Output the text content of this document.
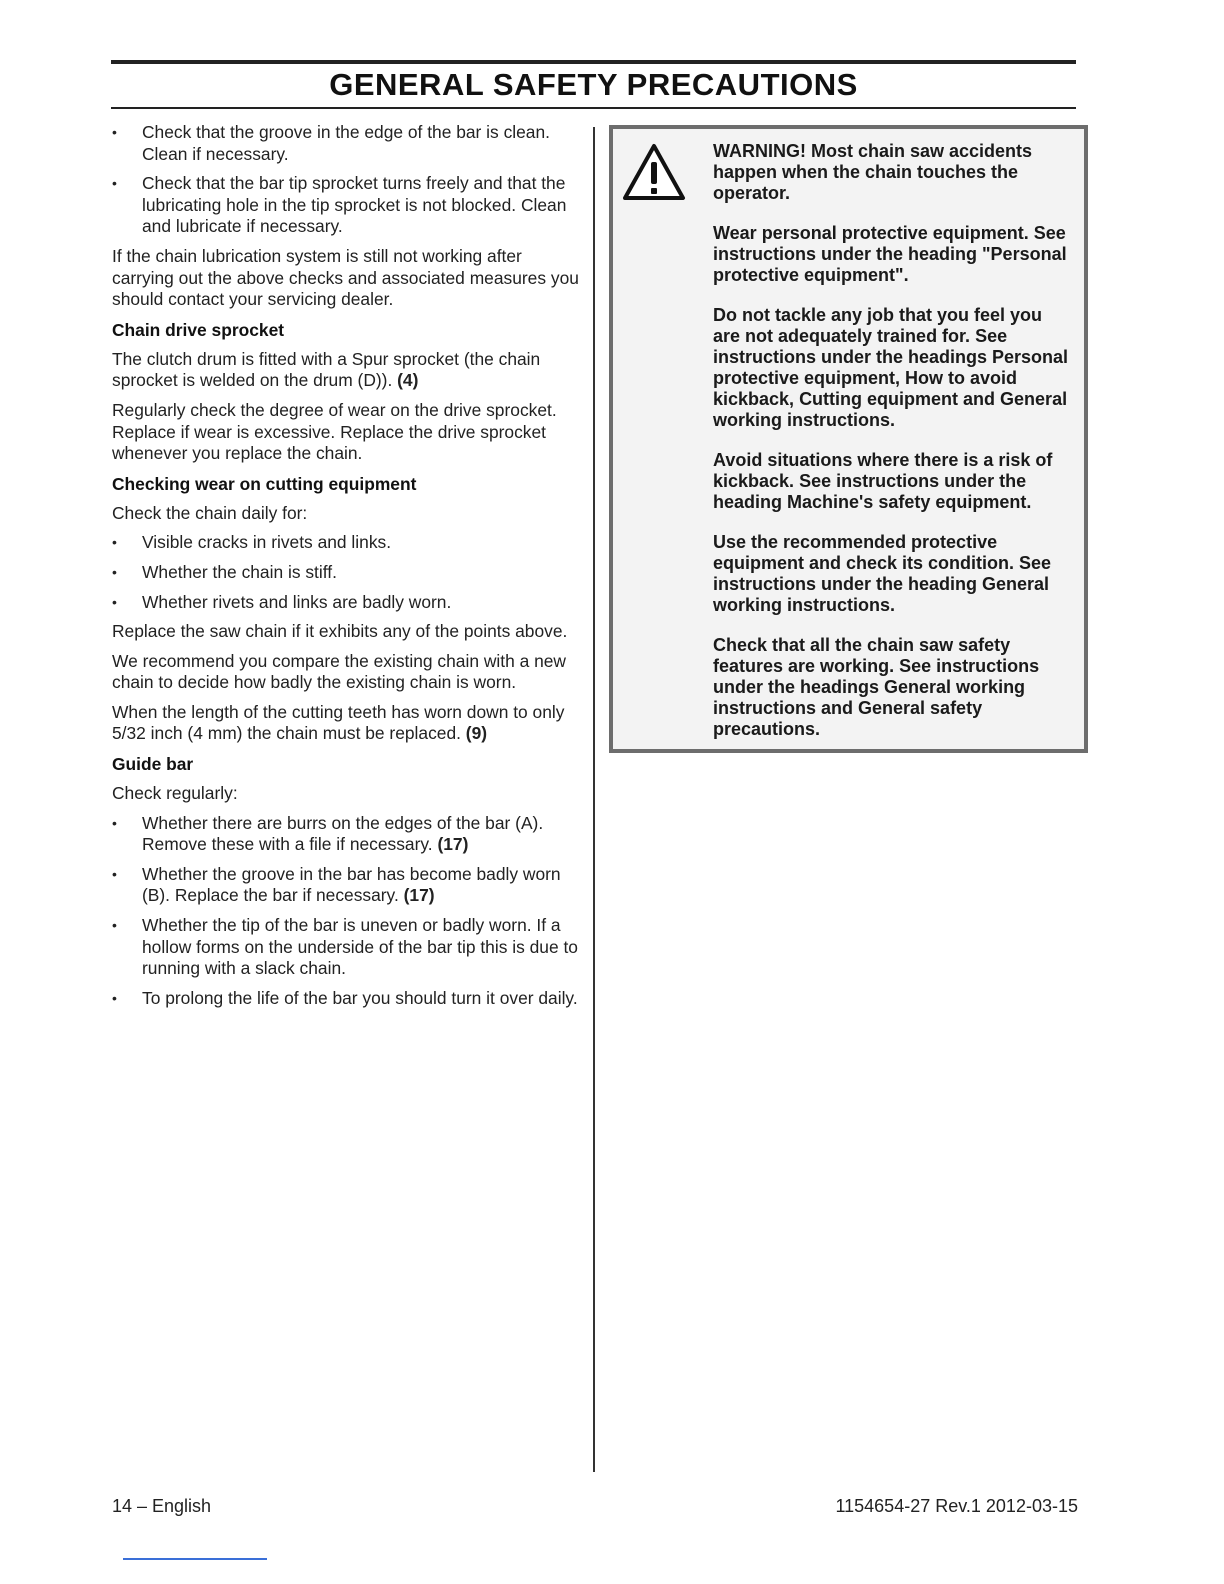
GENERAL SAFETY PRECAUTIONS
• Check that the groove in the edge of the bar is clean. Clean if necessary.
• Check that the bar tip sprocket turns freely and that the lubricating hole in the tip sprocket is not blocked. Clean and lubricate if necessary.

If the chain lubrication system is still not working after carrying out the above checks and associated measures you should contact your servicing dealer.

Chain drive sprocket

The clutch drum is fitted with a Spur sprocket (the chain sprocket is welded on the drum (D)). (4)

Regularly check the degree of wear on the drive sprocket. Replace if wear is excessive. Replace the drive sprocket whenever you replace the chain.

Checking wear on cutting equipment

Check the chain daily for:

• Visible cracks in rivets and links.
• Whether the chain is stiff.
• Whether rivets and links are badly worn.

Replace the saw chain if it exhibits any of the points above.

We recommend you compare the existing chain with a new chain to decide how badly the existing chain is worn.

When the length of the cutting teeth has worn down to only 5/32 inch (4 mm) the chain must be replaced. (9)

Guide bar

Check regularly:

• Whether there are burrs on the edges of the bar (A). Remove these with a file if necessary. (17)
• Whether the groove in the bar has become badly worn (B). Replace the bar if necessary. (17)
• Whether the tip of the bar is uneven or badly worn. If a hollow forms on the underside of the bar tip this is due to running with a slack chain.
• To prolong the life of the bar you should turn it over daily.

WARNING! Most chain saw accidents happen when the chain touches the operator.

Wear personal protective equipment. See instructions under the heading "Personal protective equipment".

Do not tackle any job that you feel you are not adequately trained for. See instructions under the headings Personal protective equipment, How to avoid kickback, Cutting equipment and General working instructions.

Avoid situations where there is a risk of kickback. See instructions under the heading Machine's safety equipment.

Use the recommended protective equipment and check its condition. See instructions under the heading General working instructions.

Check that all the chain saw safety features are working. See instructions under the headings General working instructions and General safety precautions.

14 – English	1154654-27 Rev.1 2012-03-15
